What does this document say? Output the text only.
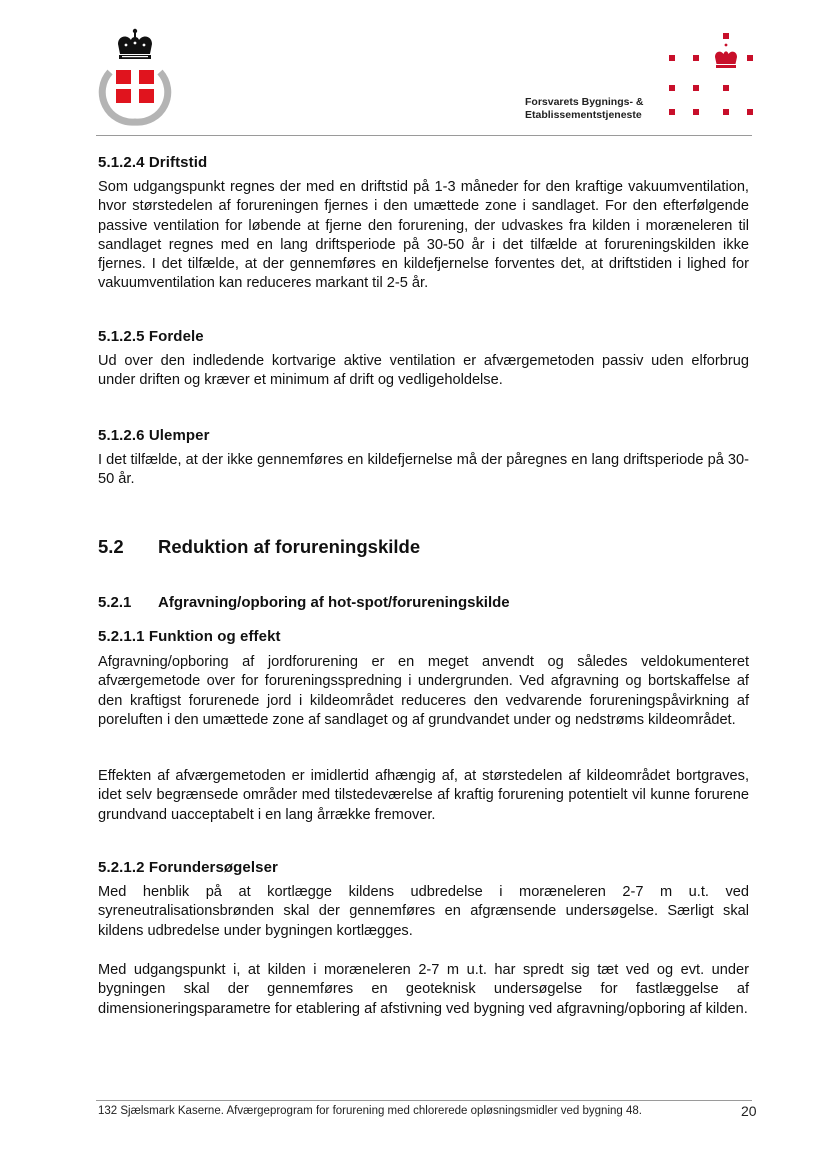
Forsvarets Bygnings- &
Etablissementstjeneste
5.1.2.4 Driftstid
Som udgangspunkt regnes der med en driftstid på 1-3 måneder for den kraftige vakuumventilation, hvor størstedelen af forureningen fjernes i den umættede zone i sandlaget. For den efterfølgende passive ventilation for løbende at fjerne den forurening, der udvaskes fra kilden i moræneleren til sandlaget regnes med en lang driftsperiode på 30-50 år i det tilfælde at forureningskilden ikke fjernes. I det tilfælde, at der gennemføres en kildefjernelse forventes det, at driftstiden i lighed for vakuumventilation kan reduceres markant til 2-5 år.
5.1.2.5 Fordele
Ud over den indledende kortvarige aktive ventilation er afværgemetoden passiv uden elforbrug under driften og kræver et minimum af drift og vedligeholdelse.
5.1.2.6 Ulemper
I det tilfælde, at der ikke gennemføres en kildefjernelse må der påregnes en lang driftsperiode på 30-50 år.
5.2 Reduktion af forureningskilde
5.2.1 Afgravning/opboring af hot-spot/forureningskilde
5.2.1.1 Funktion og effekt
Afgravning/opboring af jordforurening er en meget anvendt og således veldokumenteret afværgemetode over for forureningsspredning i undergrunden. Ved afgravning og bortskaffelse af den kraftigst forurenede jord i kildeområdet reduceres den vedvarende forureningspåvirkning af poreluften i den umættede zone af sandlaget og af grundvandet under og nedstrøms kildeområdet.
Effekten af afværgemetoden er imidlertid afhængig af, at størstedelen af kildeområdet bortgraves, idet selv begrænsede områder med tilstedeværelse af kraftig forurening potentielt vil kunne forurene grundvand uacceptabelt i en lang årrække fremover.
5.2.1.2 Forundersøgelser
Med henblik på at kortlægge kildens udbredelse i moræneleren 2-7 m u.t. ved syreneutralisationsbrønden skal der gennemføres en afgrænsende undersøgelse. Særligt skal kildens udbredelse under bygningen kortlægges.
Med udgangspunkt i, at kilden i moræneleren 2-7 m u.t. har spredt sig tæt ved og evt. under bygningen skal der gennemføres en geoteknisk undersøgelse for fastlæggelse af dimensioneringsparametre for etablering af afstivning ved bygning ved afgravning/opboring af kilden.
132 Sjælsmark Kaserne. Afværgeprogram for forurening med chlorerede opløsningsmidler ved bygning 48.	20
